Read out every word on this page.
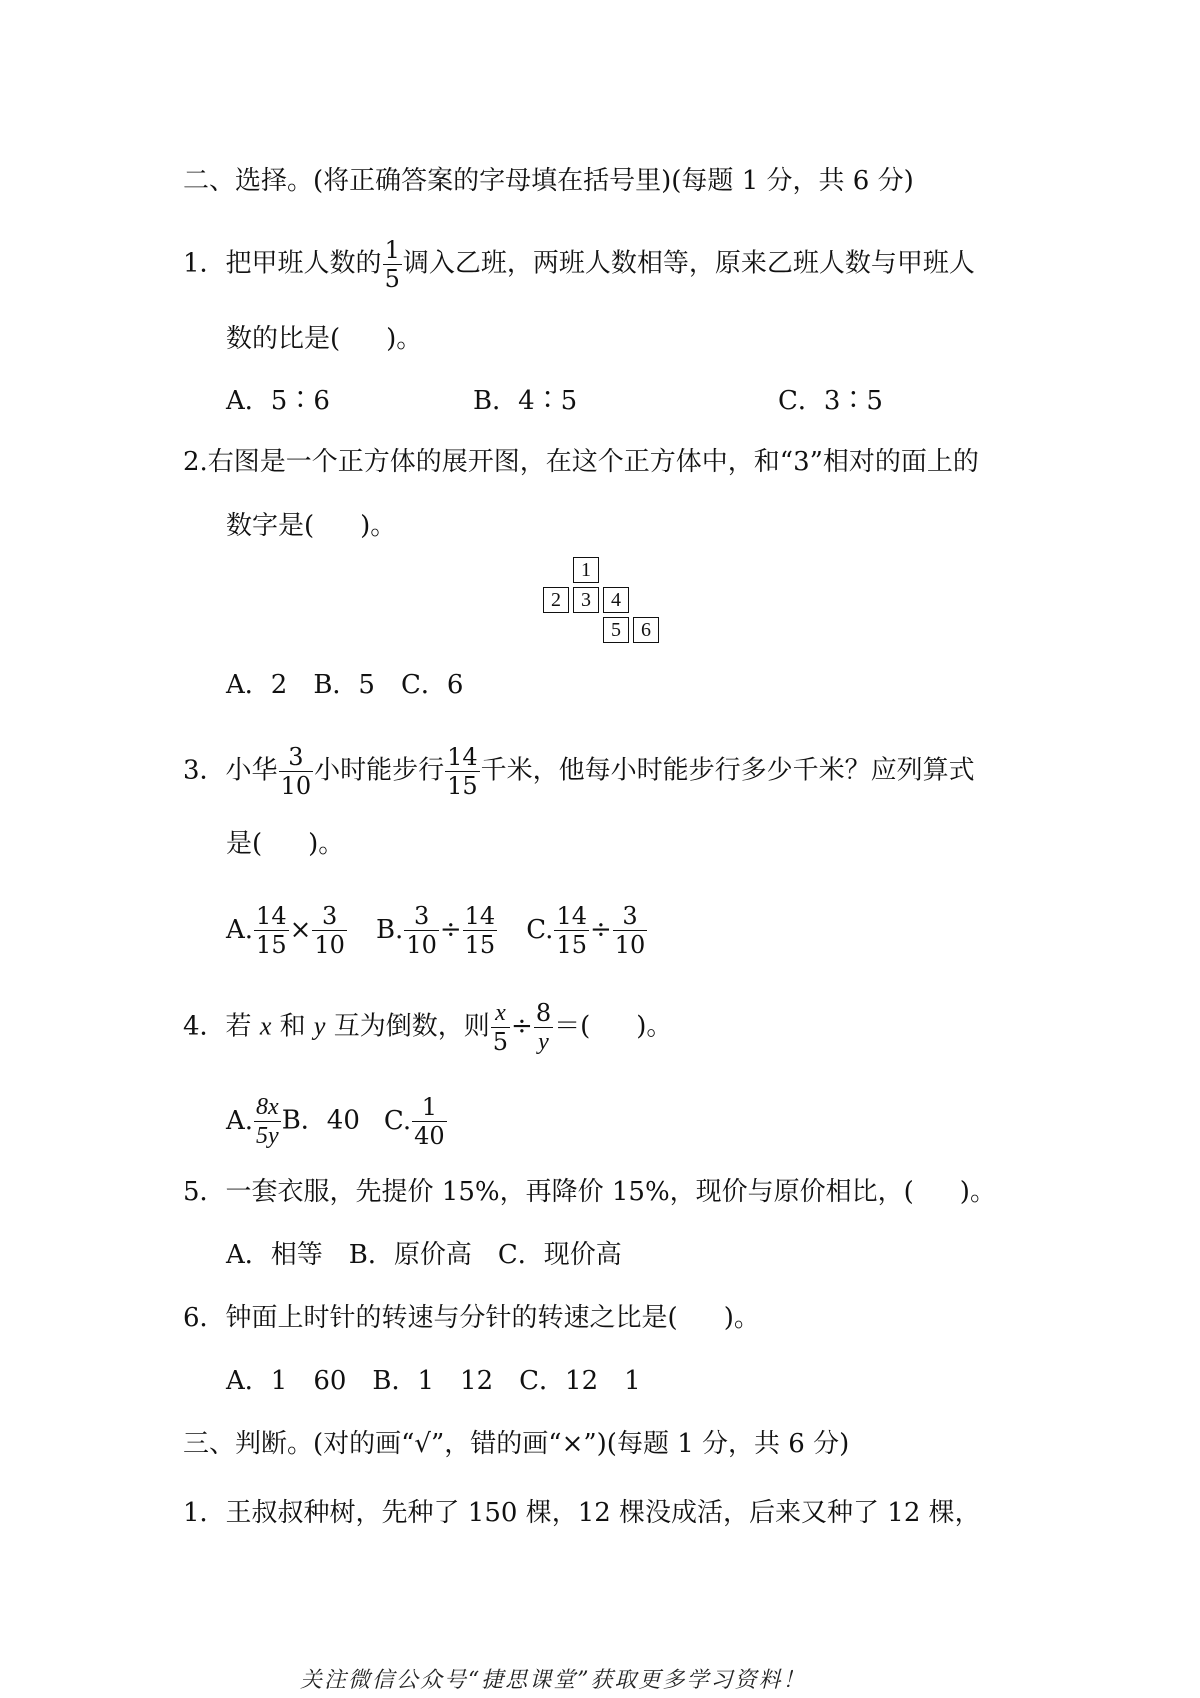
二、选择。(将正确答案的字母填在括号里)(每题 1 分，共 6 分)
1．把甲班人数的 $\frac{1}{5}$ 调入乙班，两班人数相等，原来乙班人数与甲班人
数的比是( )。
A．5∶6	B．4∶5	C．3∶5
2.右图是一个正方体的展开图，在这个正方体中，和“3”相对的面上的
数字是( )。
1
2	3	4
5	6
A．2　B．5　C．6
3．小华 $\frac{3}{10}$ 小时能步行 $\frac{14}{15}$ 千米，他每小时能步行多少千米？应列算式
是( )。
A. $\frac{14}{15} \times \frac{3}{10} B$. $\frac{3}{10} \div \frac{14}{15} C$. $\frac{14}{15} \div \frac{3}{10}$
4．若 x 和 y 互为倒数，则 $\frac{x}{5} \div \frac{8}{y}$ ＝( )。
A. $\frac{8x}{5y}$ B．40 C. $\frac{1}{40}$
5．一套衣服，先提价 15%，再降价 15%，现价与原价相比，( )。
A．相等　B．原价高　C．现价高
6．钟面上时针的转速与分针的转速之比是( )。
A．1　60　B．1　12　C．12　1
三、判断。(对的画“√”，错的画“×”)(每题 1 分，共 6 分)
1．王叔叔种树，先种了 150 棵，12 棵没成活，后来又种了 12 棵，
关注微信公众号“捷思课堂”获取更多学习资料！
